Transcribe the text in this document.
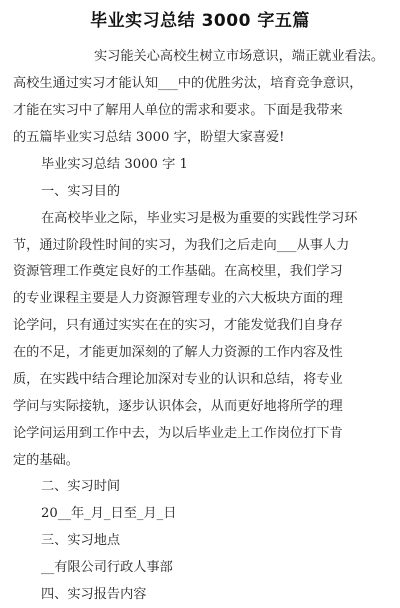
毕业实习总结 3000 字五篇
实习能关心高校生树立市场意识，端正就业看法。
高校生通过实习才能认知___中的优胜劣汰，培育竞争意识，
才能在实习中了解用人单位的需求和要求。下面是我带来
的五篇毕业实习总结 3000 字，盼望大家喜爱!
毕业实习总结 3000 字 1
一、实习目的
在高校毕业之际，毕业实习是极为重要的实践性学习环
节，通过阶段性时间的实习，为我们之后走向___从事人力
资源管理工作奠定良好的工作基础。在高校里，我们学习
的专业课程主要是人力资源管理专业的六大板块方面的理
论学问，只有通过实实在在的实习，才能发觉我们自身存
在的不足，才能更加深刻的了解人力资源的工作内容及性
质，在实践中结合理论加深对专业的认识和总结，将专业
学问与实际接轨，逐步认识体会，从而更好地将所学的理
论学问运用到工作中去，为以后毕业走上工作岗位打下肯
定的基础。
二、实习时间
20__年_月_日至_月_日
三、实习地点
__有限公司行政人事部
四、实习报告内容
